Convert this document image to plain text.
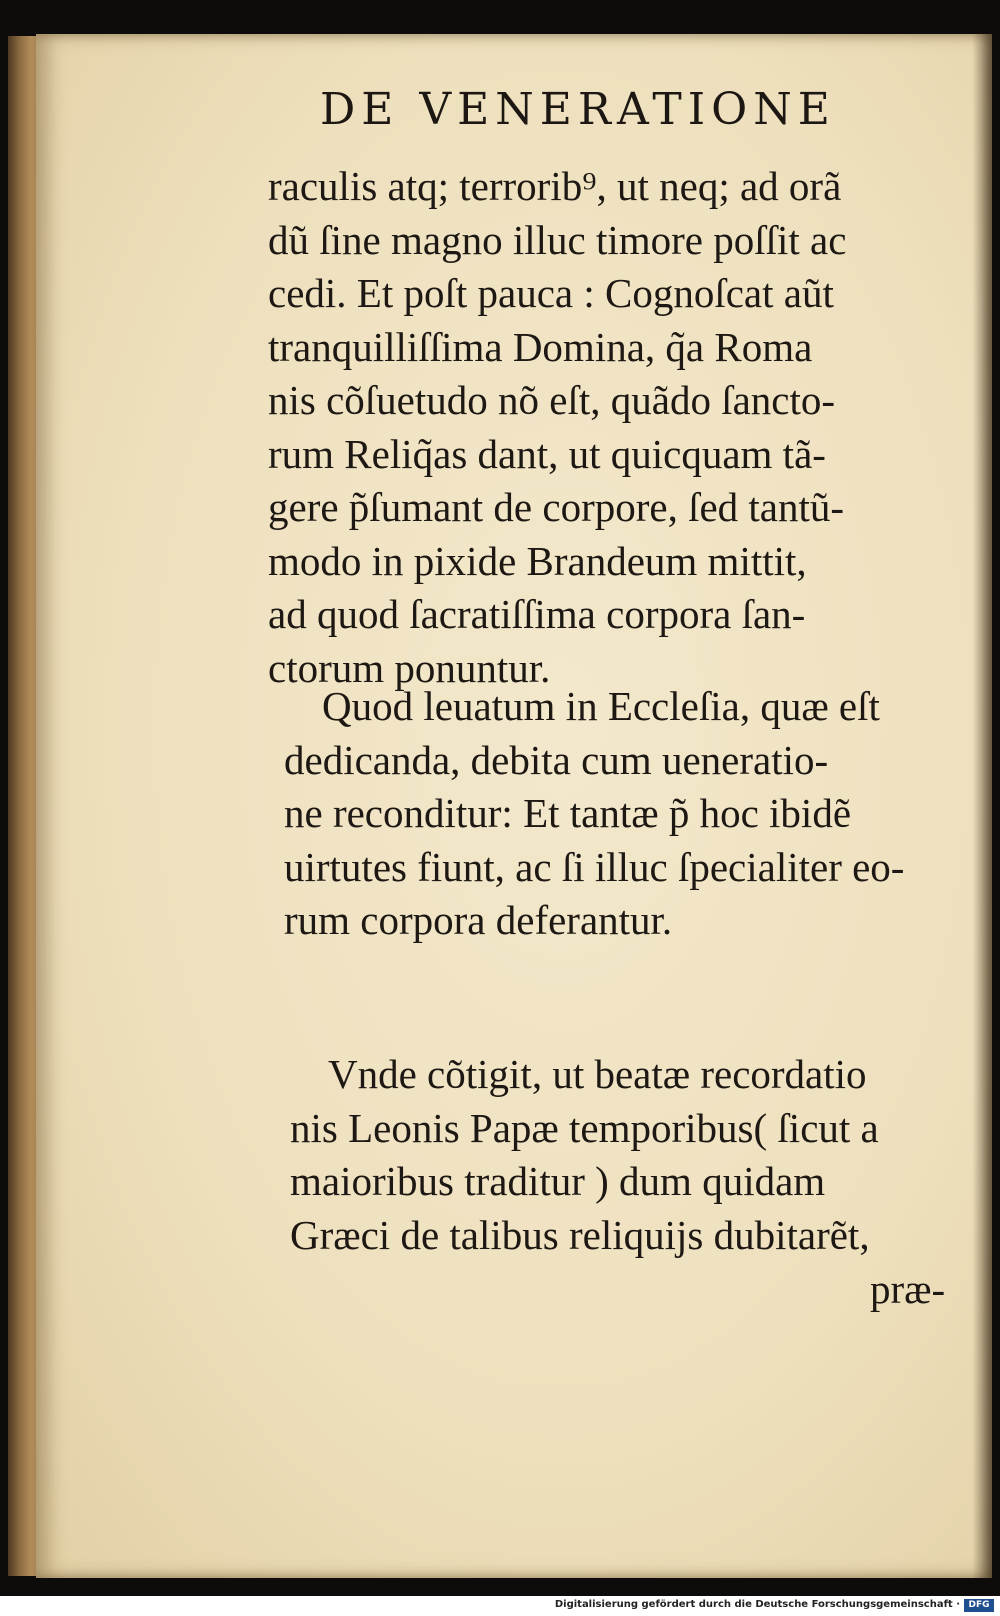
DE VENERATIONE
raculis atq; terrorib⁹, ut neq; ad orã
dũ ſine magno illuc timore poſſit ac
cedi. Et poſt pauca : Cognoſcat aũt
tranquilliſſima Domina, q̃a Roma
nis cõſuetudo nõ eſt, quãdo ſancto-
rum Reliq̃as dant, ut quicquam tã-
gere p̃ſumant de corpore, ſed tantũ-
modo in pixide Brandeum mittit,
ad quod ſacratiſſima corpora ſan-
ctorum ponuntur.
Quod leuatum in Eccleſia, quæ eſt
dedicanda, debita cum ueneratio-
ne reconditur: Et tantæ p̃ hoc ibidẽ
uirtutes fiunt, ac ſi illuc ſpecialiter eo-
rum corpora deferantur.
Vnde cõtigit, ut beatæ recordatio
nis Leonis Papæ temporibus( ſicut a
maioribus traditur ) dum quidam
Græci de talibus reliquijs dubitarẽt,
præ-
Digitalisierung gefördert durch die Deutsche Forschungsgemeinschaft · DFG
